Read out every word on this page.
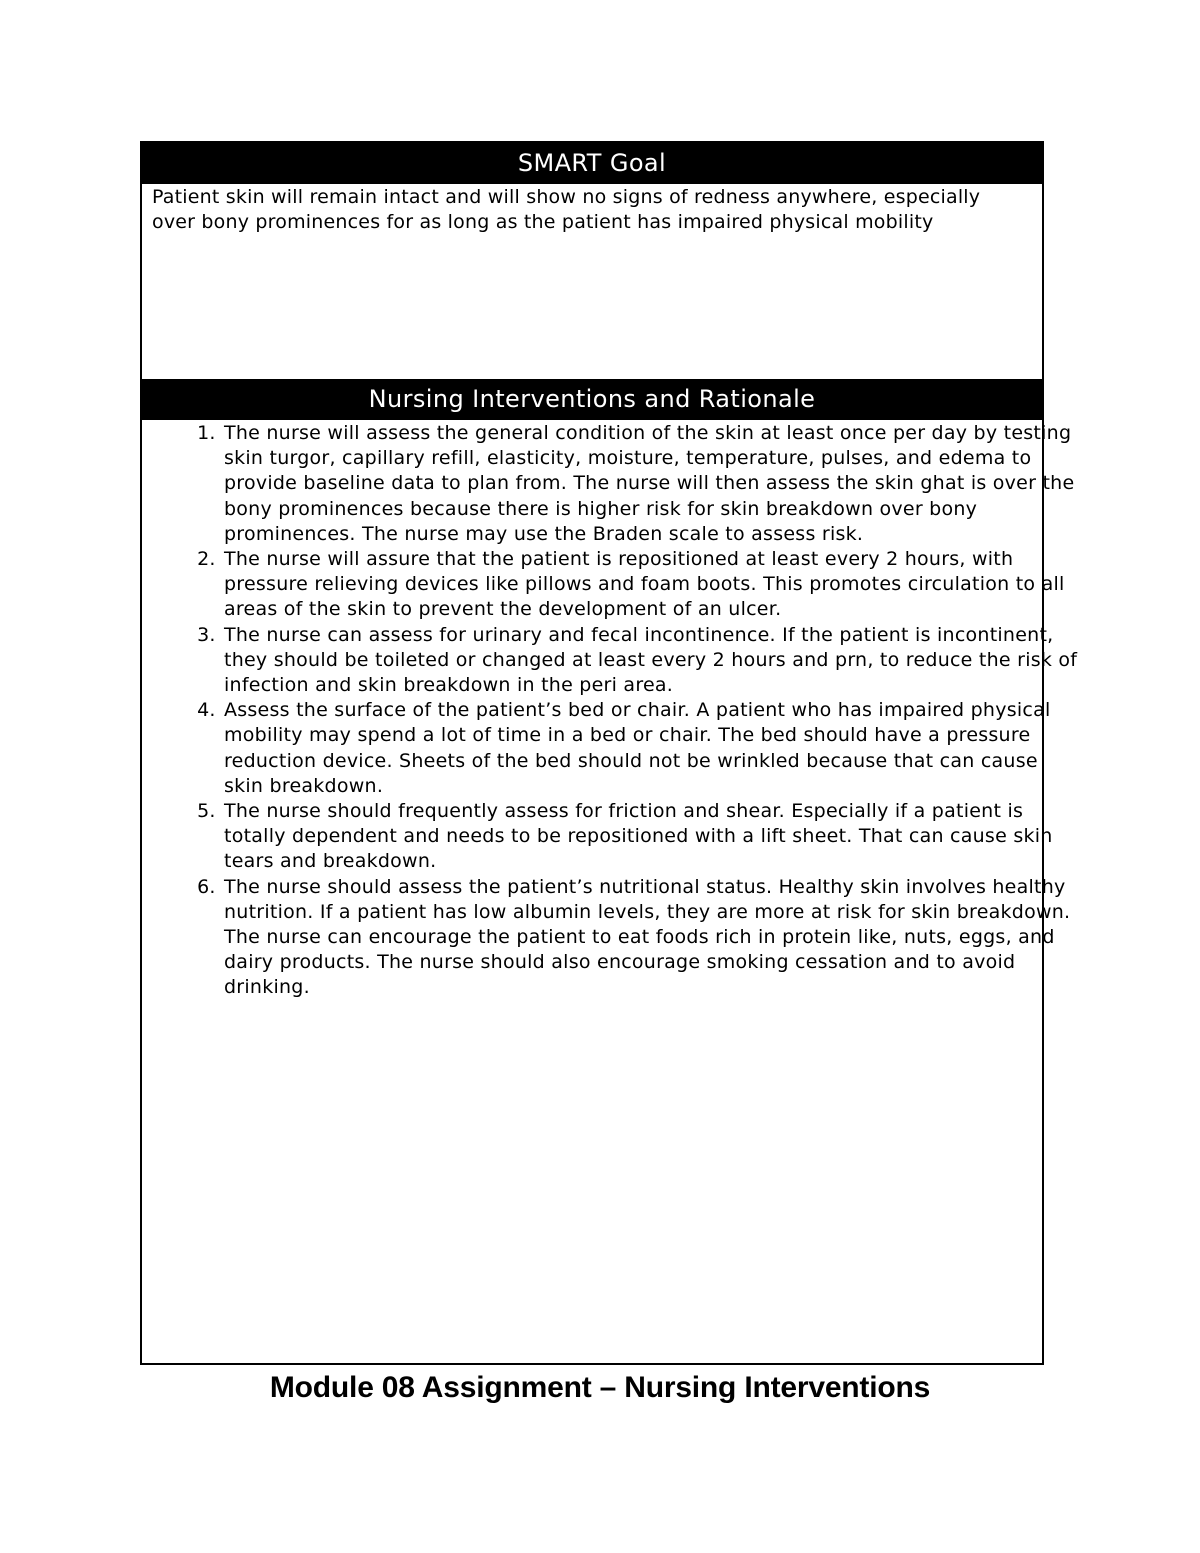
SMART Goal

Patient skin will remain intact and will show no signs of redness anywhere, especially over bony prominences for as long as the patient has impaired physical mobility

Nursing Interventions and Rationale
1. The nurse will assess the general condition of the skin at least once per day by testing skin turgor, capillary refill, elasticity, moisture, temperature, pulses, and edema to provide baseline data to plan from. The nurse will then assess the skin ghat is over the bony prominences because there is higher risk for skin breakdown over bony prominences. The nurse may use the Braden scale to assess risk.
2. The nurse will assure that the patient is repositioned at least every 2 hours, with pressure relieving devices like pillows and foam boots. This promotes circulation to all areas of the skin to prevent the development of an ulcer.
3. The nurse can assess for urinary and fecal incontinence. If the patient is incontinent, they should be toileted or changed at least every 2 hours and prn, to reduce the risk of infection and skin breakdown in the peri area.
4. Assess the surface of the patient’s bed or chair. A patient who has impaired physical mobility may spend a lot of time in a bed or chair. The bed should have a pressure reduction device. Sheets of the bed should not be wrinkled because that can cause skin breakdown.
5. The nurse should frequently assess for friction and shear. Especially if a patient is totally dependent and needs to be repositioned with a lift sheet. That can cause skin tears and breakdown.
6. The nurse should assess the patient’s nutritional status. Healthy skin involves healthy nutrition. If a patient has low albumin levels, they are more at risk for skin breakdown. The nurse can encourage the patient to eat foods rich in protein like, nuts, eggs, and dairy products. The nurse should also encourage smoking cessation and to avoid drinking.
Module 08 Assignment – Nursing Interventions
